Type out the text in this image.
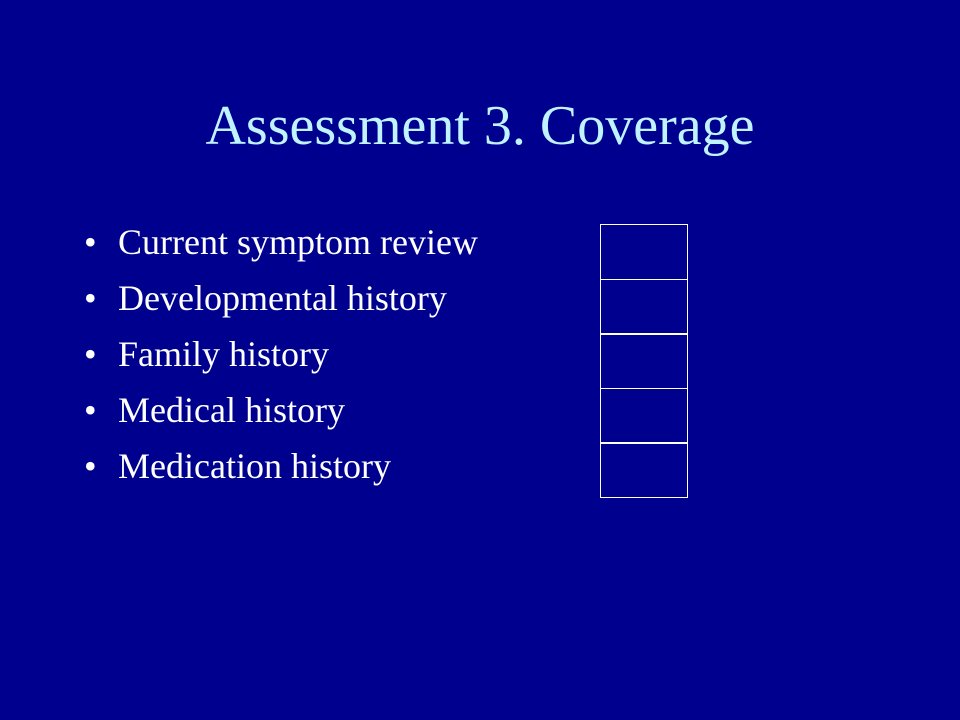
Assessment 3. Coverage
• Current symptom review
• Developmental history
• Family history
• Medical history
• Medication history
